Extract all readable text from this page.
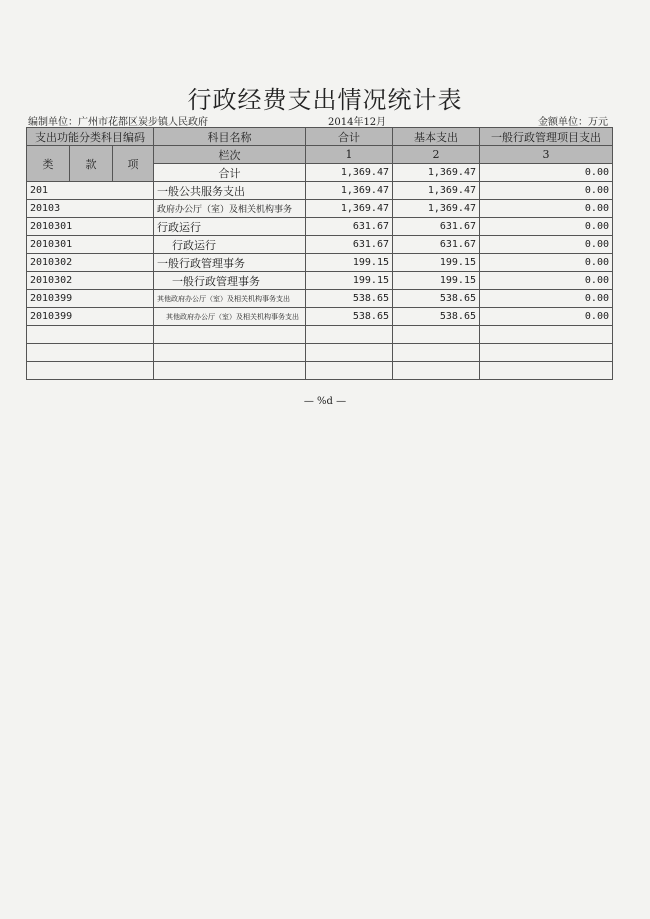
行政经费支出情况统计表
编制单位：广州市花都区炭步镇人民政府	2014年12月	金额单位：万元
支出功能分类科目编码			科目名称	合计	基本支出	一般行政管理项目支出
类	款	项	栏次	1	2	3
			合计	1,369.47	1,369.47	0.00
201			一般公共服务支出	1,369.47	1,369.47	0.00
20103			政府办公厅（室）及相关机构事务	1,369.47	1,369.47	0.00
2010301			行政运行	631.67	631.67	0.00
2010301			行政运行	631.67	631.67	0.00
2010302			一般行政管理事务	199.15	199.15	0.00
2010302			一般行政管理事务	199.15	199.15	0.00
2010399			其他政府办公厅（室）及相关机构事务支出	538.65	538.65	0.00
2010399			其他政府办公厅（室）及相关机构事务支出	538.65	538.65	0.00

— %d —
